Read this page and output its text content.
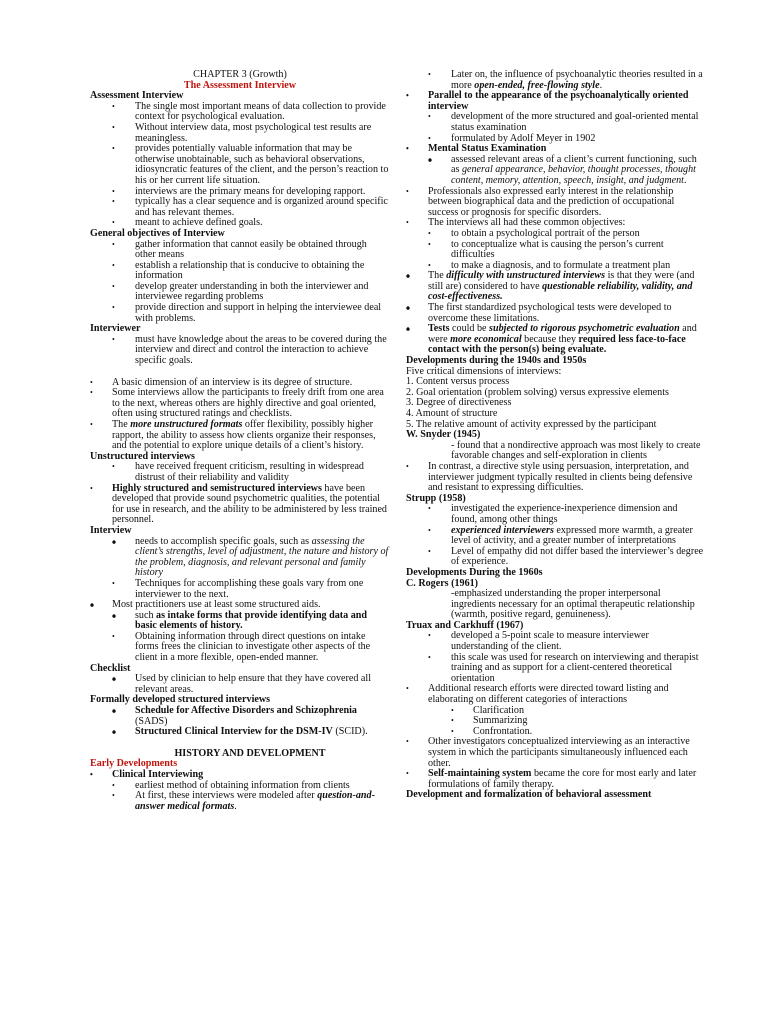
CHAPTER 3 (Growth)
The Assessment Interview
Assessment Interview
• The single most important means of data collection to provide context for psychological evaluation.
• Without interview data, most psychological test results are meaningless.
• provides potentially valuable information that may be otherwise unobtainable, such as behavioral observations, idiosyncratic features of the client, and the person’s reaction to his or her current life situation.
• interviews are the primary means for developing rapport.
• typically has a clear sequence and is organized around specific and has relevant themes.
• meant to achieve defined goals.
General objectives of Interview
• gather information that cannot easily be obtained through other means
• establish a relationship that is conducive to obtaining the information
• develop greater understanding in both the interviewer and interviewee regarding problems
• provide direction and support in helping the interviewee deal with problems.
Interviewer
• must have knowledge about the areas to be covered during the interview and direct and control the interaction to achieve specific goals.
• A basic dimension of an interview is its degree of structure.
• Some interviews allow the participants to freely drift from one area to the next, whereas others are highly directive and goal oriented, often using structured ratings and checklists.
• The more unstructured formats offer flexibility, possibly higher rapport, the ability to assess how clients organize their responses, and the potential to explore unique details of a client’s history.
Unstructured interviews
• have received frequent criticism, resulting in widespread distrust of their reliability and validity
• Highly structured and semistructured interviews have been developed that provide sound psychometric qualities, the potential for use in research, and the ability to be administered by less trained personnel.
Interview
⦁ needs to accomplish specific goals, such as assessing the client’s strengths, level of adjustment, the nature and history of the problem, diagnosis, and relevant personal and family history
• Techniques for accomplishing these goals vary from one interviewer to the next.
⦁ Most practitioners use at least some structured aids.
⦁ such as intake forms that provide identifying data and basic elements of history.
• Obtaining information through direct questions on intake forms frees the clinician to investigate other aspects of the client in a more flexible, open-ended manner.
Checklist
⦁ Used by clinician to help ensure that they have covered all relevant areas.
Formally developed structured interviews
⦁ Schedule for Affective Disorders and Schizophrenia (SADS)
⦁ Structured Clinical Interview for the DSM-IV (SCID).
HISTORY AND DEVELOPMENT
Early Developments
• Clinical Interviewing
• earliest method of obtaining information from clients
• At first, these interviews were modeled after question-and-answer medical formats.
• Later on, the influence of psychoanalytic theories resulted in a more open-ended, free-flowing style.
• Parallel to the appearance of the psychoanalytically oriented interview
• development of the more structured and goal-oriented mental status examination
• formulated by Adolf Meyer in 1902
• Mental Status Examination
⦁ assessed relevant areas of a client’s current functioning, such as general appearance, behavior, thought processes, thought content, memory, attention, speech, insight, and judgment.
• Professionals also expressed early interest in the relationship between biographical data and the prediction of occupational success or prognosis for specific disorders.
• The interviews all had these common objectives:
• to obtain a psychological portrait of the person
• to conceptualize what is causing the person’s current difficulties
• to make a diagnosis, and to formulate a treatment plan
⦁ The difficulty with unstructured interviews is that they were (and still are) considered to have questionable reliability, validity, and cost-effectiveness.
⦁ The first standardized psychological tests were developed to overcome these limitations.
⦁ Tests could be subjected to rigorous psychometric evaluation and were more economical because they required less face-to-face contact with the person(s) being evaluate.
Developments during the 1940s and 1950s
Five critical dimensions of interviews:
1. Content versus process
2. Goal orientation (problem solving) versus expressive elements
3. Degree of directiveness
4. Amount of structure
5. The relative amount of activity expressed by the participant
W. Snyder (1945)
- found that a nondirective approach was most likely to create favorable changes and self-exploration in clients
• In contrast, a directive style using persuasion, interpretation, and interviewer judgment typically resulted in clients being defensive and resistant to expressing difficulties.
Strupp (1958)
• investigated the experience-inexperience dimension and found, among other things
• experienced interviewers expressed more warmth, a greater level of activity, and a greater number of interpretations
• Level of empathy did not differ based the interviewer’s degree of experience.
Developments During the 1960s
C. Rogers (1961)
-emphasized understanding the proper interpersonal ingredients necessary for an optimal therapeutic relationship (warmth, positive regard, genuineness).
Truax and Carkhuff (1967)
• developed a 5-point scale to measure interviewer understanding of the client.
• this scale was used for research on interviewing and therapist training and as support for a client-centered theoretical orientation
• Additional research efforts were directed toward listing and elaborating on different categories of interactions
• Clarification
• Summarizing
• Confrontation.
• Other investigators conceptualized interviewing as an interactive system in which the participants simultaneously influenced each other.
• Self-maintaining system became the core for most early and later formulations of family therapy.
Development and formalization of behavioral assessment
